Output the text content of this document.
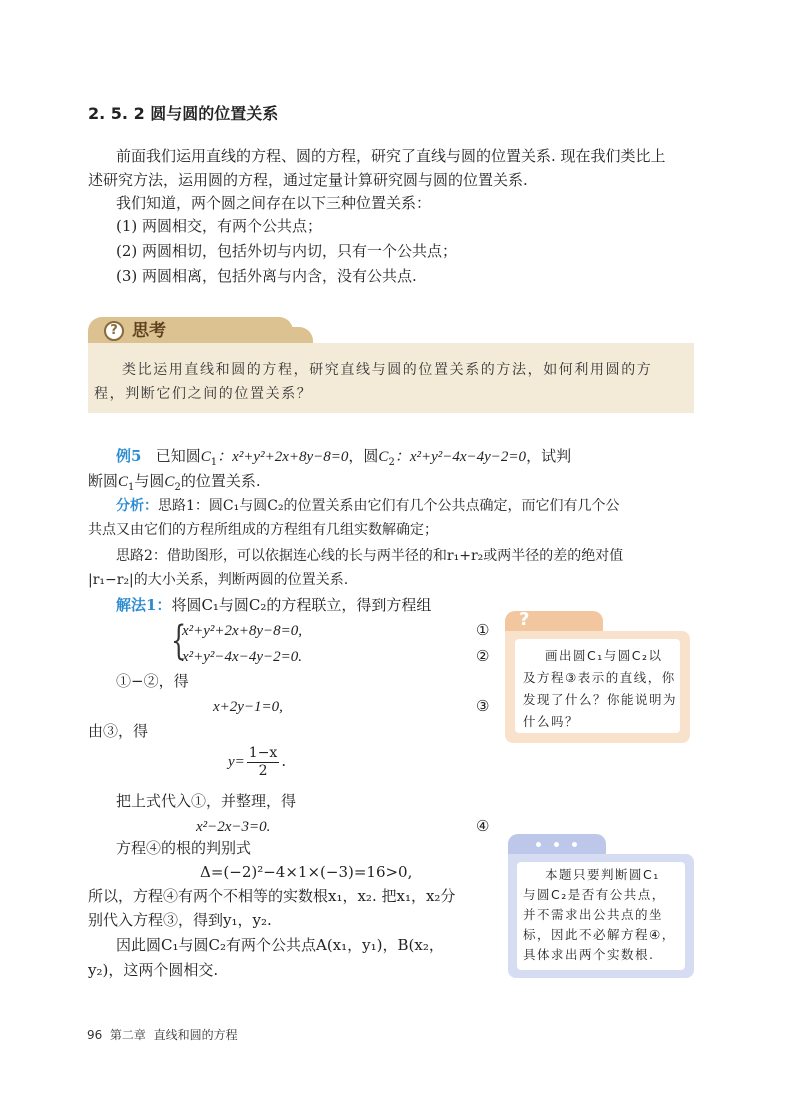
2. 5. 2 圆与圆的位置关系
前面我们运用直线的方程、圆的方程，研究了直线与圆的位置关系. 现在我们类比上
述研究方法，运用圆的方程，通过定量计算研究圆与圆的位置关系.
我们知道，两个圆之间存在以下三种位置关系：
(1) 两圆相交，有两个公共点；
(2) 两圆相切，包括外切与内切，只有一个公共点；
(3) 两圆相离，包括外离与内含，没有公共点.
? 思考
类比运用直线和圆的方程，研究直线与圆的位置关系的方法，如何利用圆的方
程，判断它们之间的位置关系？
例5 已知圆$C_1$：x²+y²+2x+8y−8=0，圆$C_2$：x²+y²−4x−4y−2=0，试判
断圆$C_1$与圆$C_2$的位置关系.
分析：思路1：圆C₁与圆C₂的位置关系由它们有几个公共点确定，而它们有几个公
共点又由它们的方程所组成的方程组有几组实数解确定；
思路2：借助图形，可以依据连心线的长与两半径的和r₁+r₂或两半径的差的绝对值
|r₁−r₂|的大小关系，判断两圆的位置关系.
解法1：将圆C₁与圆C₂的方程联立，得到方程组
{
x²+y²+2x+8y−8=0,
x²+y²−4x−4y−2=0.
①
②
①−②，得
x+2y−1=0,	③
由③，得
$y= \frac{1-x}{2}$ .
把上式代入①，并整理，得
x²−2x−3=0.	④
方程④的根的判别式
Δ=(−2)²−4×1×(−3)=16>0,
所以，方程④有两个不相等的实数根x₁，x₂. 把x₁，x₂分
别代入方程③，得到y₁，y₂.
因此圆C₁与圆C₂有两个公共点A(x₁，y₁)，B(x₂，
y₂)，这两个圆相交.
?
画出圆C₁与圆C₂以
及方程③表示的直线，你
发现了什么？你能说明为
什么吗？
本题只要判断圆C₁
与圆C₂是否有公共点，
并不需求出公共点的坐
标，因此不必解方程④，
具体求出两个实数根.
96 第二章 直线和圆的方程
